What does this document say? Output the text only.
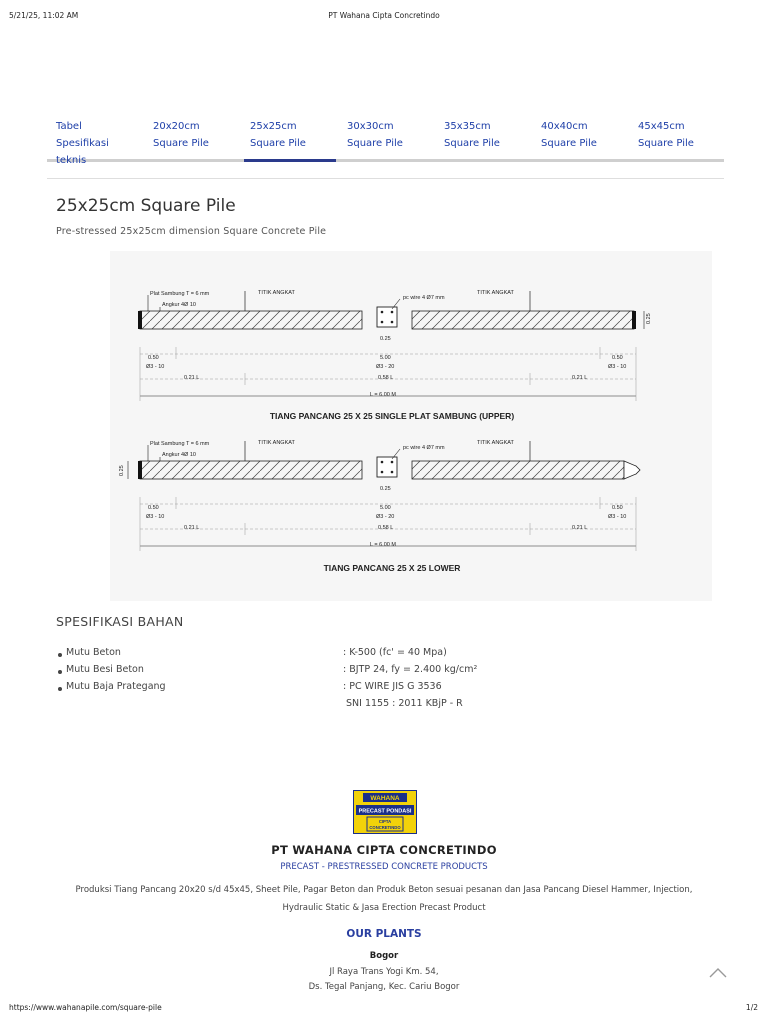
5/21/25, 11:02 AM	PT Wahana Cipta Concretindo
Tabel
Spesifikasi
teknis
20x20cm
Square Pile
25x25cm
Square Pile
30x30cm
Square Pile
35x35cm
Square Pile
40x40cm
Square Pile
45x45cm
Square Pile
25x25cm Square Pile
Pre-stressed 25x25cm dimension Square Concrete Pile
Plat Sambung T = 6 mm
Angkur 4Ø 10
TITIK ANGKAT	TITIK ANGKAT
pc wire 4 Ø7 mm
0.25
0.25
0.50
Ø3 - 10
5.00
Ø3 - 20
0.50
Ø3 - 10
0.21 L	0.58 L	0.21 L
L = 6.00 M
TIANG PANCANG 25 X 25 SINGLE PLAT SAMBUNG (UPPER)
Plat Sambung T = 6 mm
Angkur 4Ø 10
TITIK ANGKAT	TITIK ANGKAT
pc wire 4 Ø7 mm
0.25
0.25
0.50
Ø3 - 10
5.00
Ø3 - 20
0.50
Ø3 - 10
0.21 L	0.58 L	0.21 L
L = 6.00 M
TIANG PANCANG 25 X 25 LOWER
SPESIFIKASI BAHAN
Mutu Beton	: K-500 (fc' = 40 Mpa)
Mutu Besi Beton	: BJTP 24, fy = 2.400 kg/cm²
Mutu Baja Prategang	: PC WIRE JIS G 3536
SNI 1155 : 2011 KBjP - R
WAHANA
PRECAST PONDASI
CIPTA
CONCRETINDO
PT WAHANA CIPTA CONCRETINDO
PRECAST - PRESTRESSED CONCRETE PRODUCTS
Produksi Tiang Pancang 20x20 s/d 45x45, Sheet Pile, Pagar Beton dan Produk Beton sesuai pesanan dan Jasa Pancang Diesel Hammer, Injection, Hydraulic Static & Jasa Erection Precast Product
OUR PLANTS
Bogor
Jl Raya Trans Yogi Km. 54,
Ds. Tegal Panjang, Kec. Cariu Bogor
https://www.wahanapile.com/square-pile	1/2
